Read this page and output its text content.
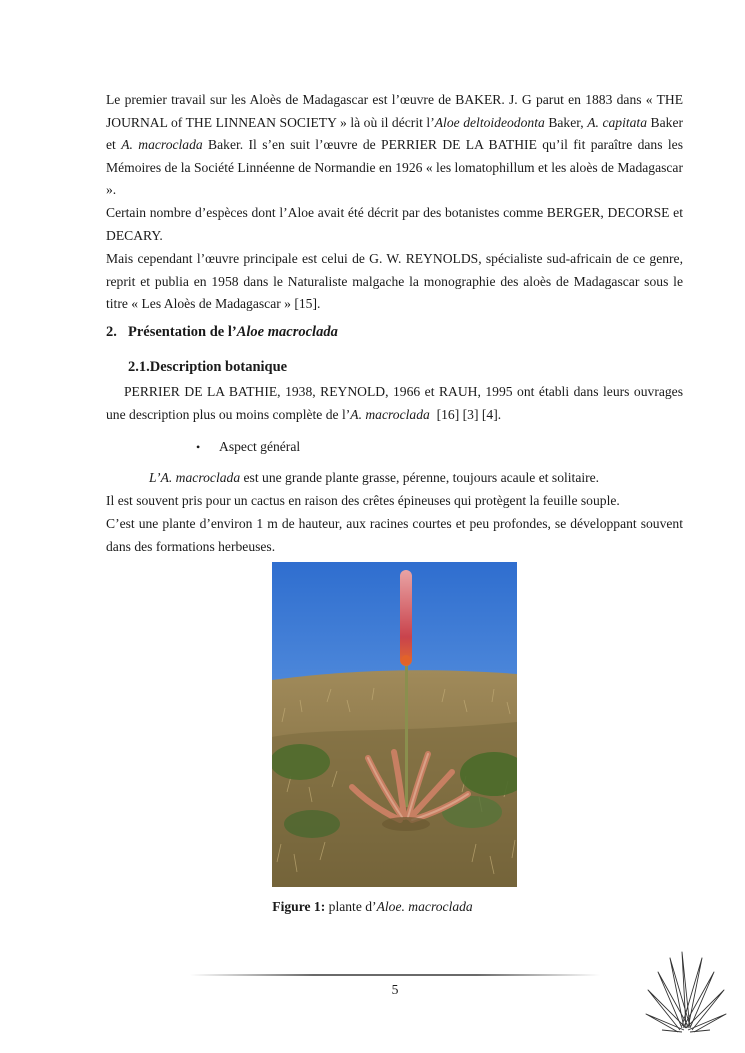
Le premier travail sur les Aloès de Madagascar est l’œuvre de BAKER. J. G parut en 1883 dans « THE JOURNAL of THE LINNEAN SOCIETY » là où il décrit l’Aloe deltoideodonta Baker, A. capitata Baker et A. macroclada Baker. Il s’en suit l’œuvre de PERRIER DE LA BATHIE qu’il fit paraître dans les Mémoires de la Société Linnéenne de Normandie en 1926 « les lomatophillum et les aloès de Madagascar ».

Certain nombre d’espèces dont l’Aloe avait été décrit par des botanistes comme BERGER, DECORSE et DECARY.

Mais cependant l’œuvre principale est celui de G. W. REYNOLDS, spécialiste sud-africain de ce genre, reprit et publia en 1958 dans le Naturaliste malgache la monographie des aloès de Madagascar sous le titre « Les Aloès de Madagascar » [15].

2. Présentation de l’Aloe macroclada
2.1.Description botanique

PERRIER DE LA BATHIE, 1938, REYNOLD, 1966 et RAUH, 1995 ont établi dans leurs ouvrages une description plus ou moins complète de l’A. macroclada  [16] [3] [4].

• Aspect général

L’A. macroclada est une grande plante grasse, pérenne, toujours acaule et solitaire.

Il est souvent pris pour un cactus en raison des crêtes épineuses qui protègent la feuille souple.

C’est une plante d’environ 1 m de hauteur, aux racines courtes et peu profondes, se développant souvent dans des formations herbeuses.

Figure 1: plante d’Aloe. macroclada
5
